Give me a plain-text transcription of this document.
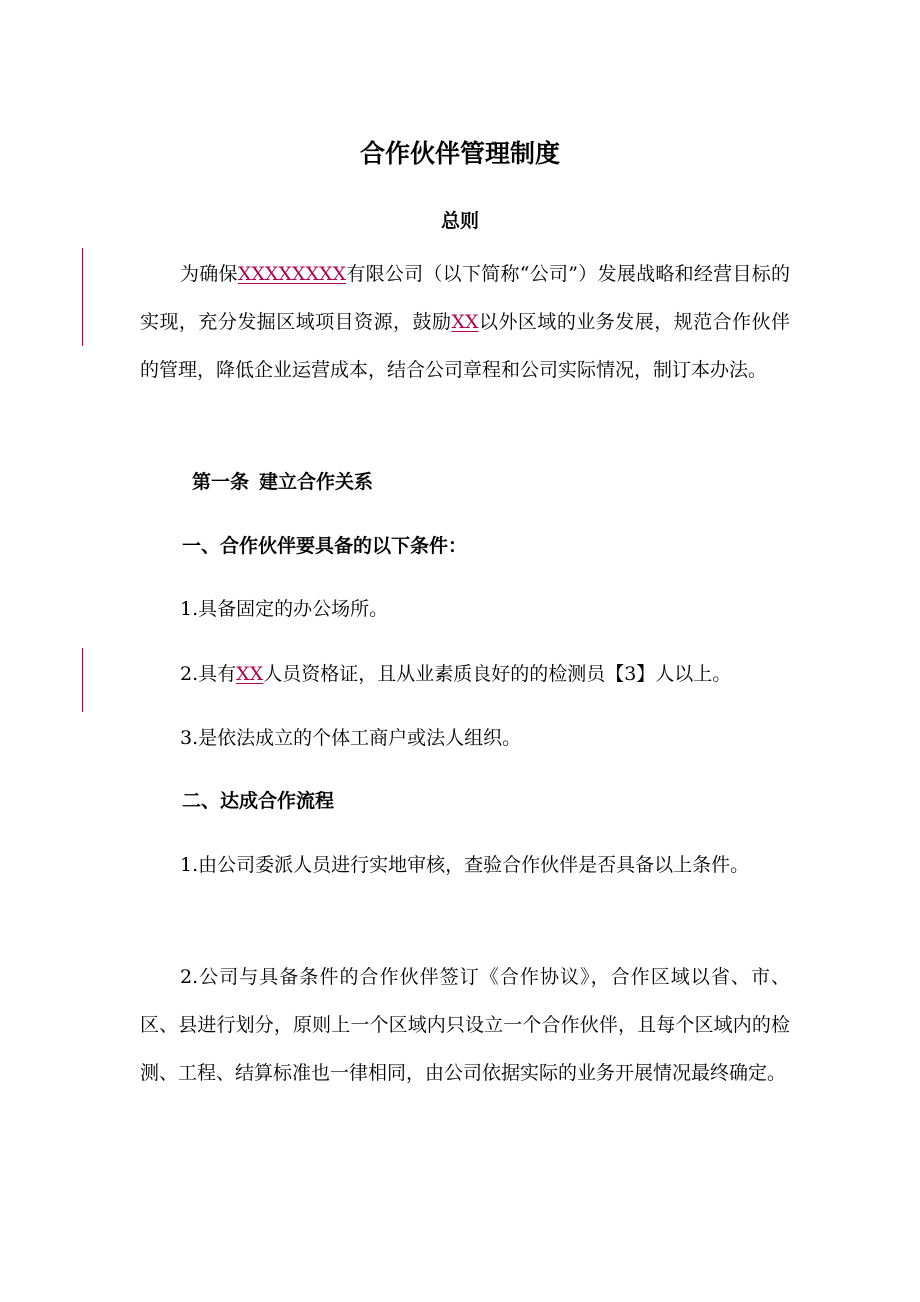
合作伙伴管理制度
总则
为确保XXXXXXXX有限公司（以下简称“公司”）发展战略和经营目标的实现，充分发掘区域项目资源，鼓励XX以外区域的业务发展，规范合作伙伴的管理，降低企业运营成本，结合公司章程和公司实际情况，制订本办法。
第一条 建立合作关系
一、合作伙伴要具备的以下条件：
1.具备固定的办公场所。
2.具有XX人员资格证，且从业素质良好的的检测员【3】人以上。
3.是依法成立的个体工商户或法人组织。
二、达成合作流程
1.由公司委派人员进行实地审核，查验合作伙伴是否具备以上条件。
2.公司与具备条件的合作伙伴签订《合作协议》，合作区域以省、市、区、县进行划分，原则上一个区域内只设立一个合作伙伴，且每个区域内的检测、工程、结算标准也一律相同，由公司依据实际的业务开展情况最终确定。
